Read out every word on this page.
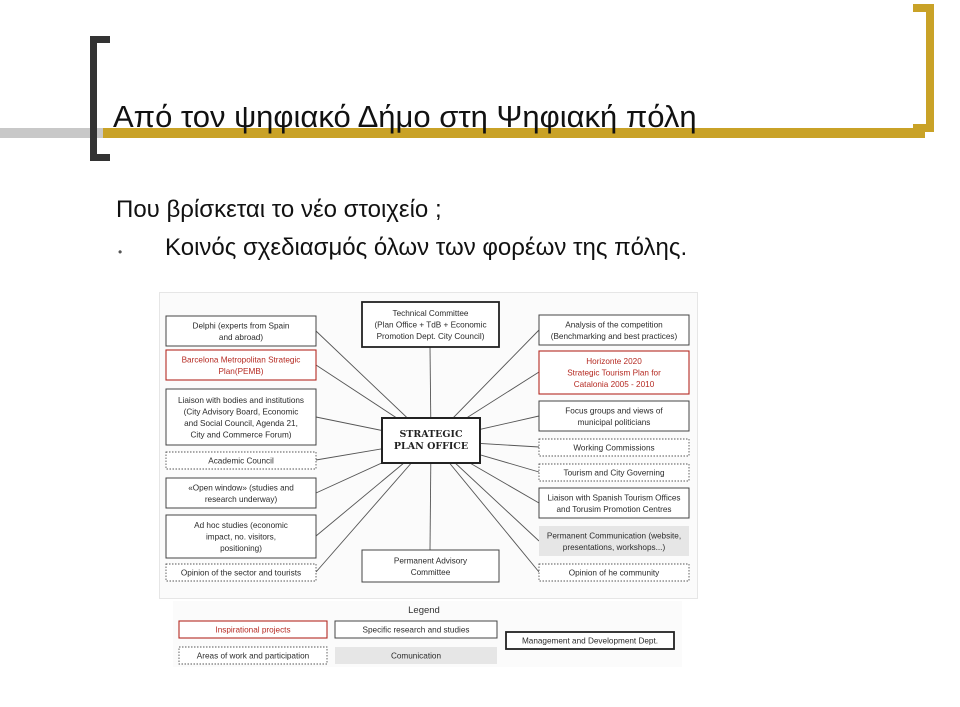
Από τον ψηφιακό Δήμο στη Ψηφιακή πόλη
Που βρίσκεται το νέο στοιχείο ;
• Κοινός σχεδιασμός όλων των φορέων της πόλης.
Technical Committee
(Plan Office + TdB + Economic
Promotion Dept. City Council)
Delphi (experts from Spain
and abroad)
Barcelona Metropolitan Strategic
Plan(PEMB)
Liaison with bodies and institutions
(City Advisory Board, Economic
and Social Council, Agenda 21,
City and Commerce Forum)
Academic Council
«Open window» (studies and
research underway)
Ad hoc studies (economic
impact, no. visitors,
positioning)
Opinion of the sector and tourists
Permanent Advisory
Committee
Analysis of the competition
(Benchmarking and best practices)
Horizonte 2020
Strategic Tourism Plan for
Catalonia 2005 - 2010
Focus groups and views of
municipal politicians
Working Commissions
Tourism and City Governing
Liaison with Spanish Tourism Offices
and Torusim Promotion Centres
Permanent Communication (website,
presentations, workshops...)
Opinion of he community
STRATEGIC
PLAN OFFICE
Legend
Inspirational projects
Areas of work and participation
Specific research and studies
Comunication
Management and Development Dept.
